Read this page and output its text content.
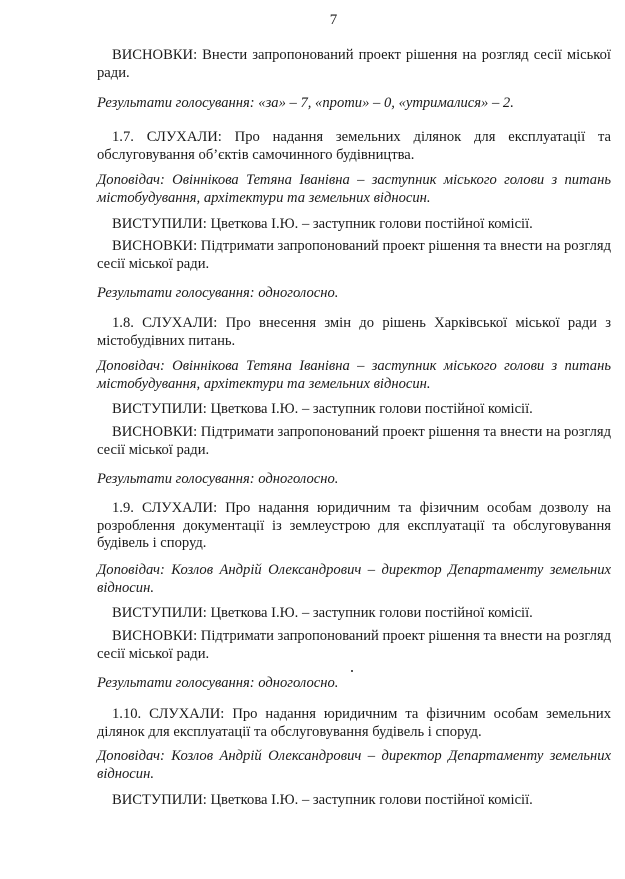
7

ВИСНОВКИ: Внести запропонований проект рішення на розгляд сесії міської ради.

Результати голосування: «за» – 7, «проти» – 0, «утрималися» – 2.

1.7. СЛУХАЛИ: Про надання земельних ділянок для експлуатації та обслуговування об’єктів самочинного будівництва.

Доповідач: Овіннікова Тетяна Іванівна – заступник міського голови з питань містобудування, архітектури та земельних відносин.

ВИСТУПИЛИ: Цветкова І.Ю. – заступник голови постійної комісії.

ВИСНОВКИ: Підтримати запропонований проект рішення та внести на розгляд сесії міської ради.

Результати голосування: одноголосно.

1.8. СЛУХАЛИ: Про внесення змін до рішень Харківської міської ради з містобудівних питань.

Доповідач: Овіннікова Тетяна Іванівна – заступник міського голови з питань містобудування, архітектури та земельних відносин.

ВИСТУПИЛИ: Цветкова І.Ю. – заступник голови постійної комісії.

ВИСНОВКИ: Підтримати запропонований проект рішення та внести на розгляд сесії міської ради.

Результати голосування: одноголосно.

1.9. СЛУХАЛИ: Про надання юридичним та фізичним особам дозволу на розроблення документації із землеустрою для експлуатації та обслуговування будівель і споруд.

Доповідач: Козлов Андрій Олександрович – директор Департаменту земельних відносин.

ВИСТУПИЛИ: Цветкова І.Ю. – заступник голови постійної комісії.

ВИСНОВКИ: Підтримати запропонований проект рішення та внести на розгляд сесії міської ради.

Результати голосування: одноголосно.

1.10. СЛУХАЛИ: Про надання юридичним та фізичним особам земельних ділянок для експлуатації та обслуговування будівель і споруд.

Доповідач: Козлов Андрій Олександрович – директор Департаменту земельних відносин.

ВИСТУПИЛИ: Цветкова І.Ю. – заступник голови постійної комісії.
